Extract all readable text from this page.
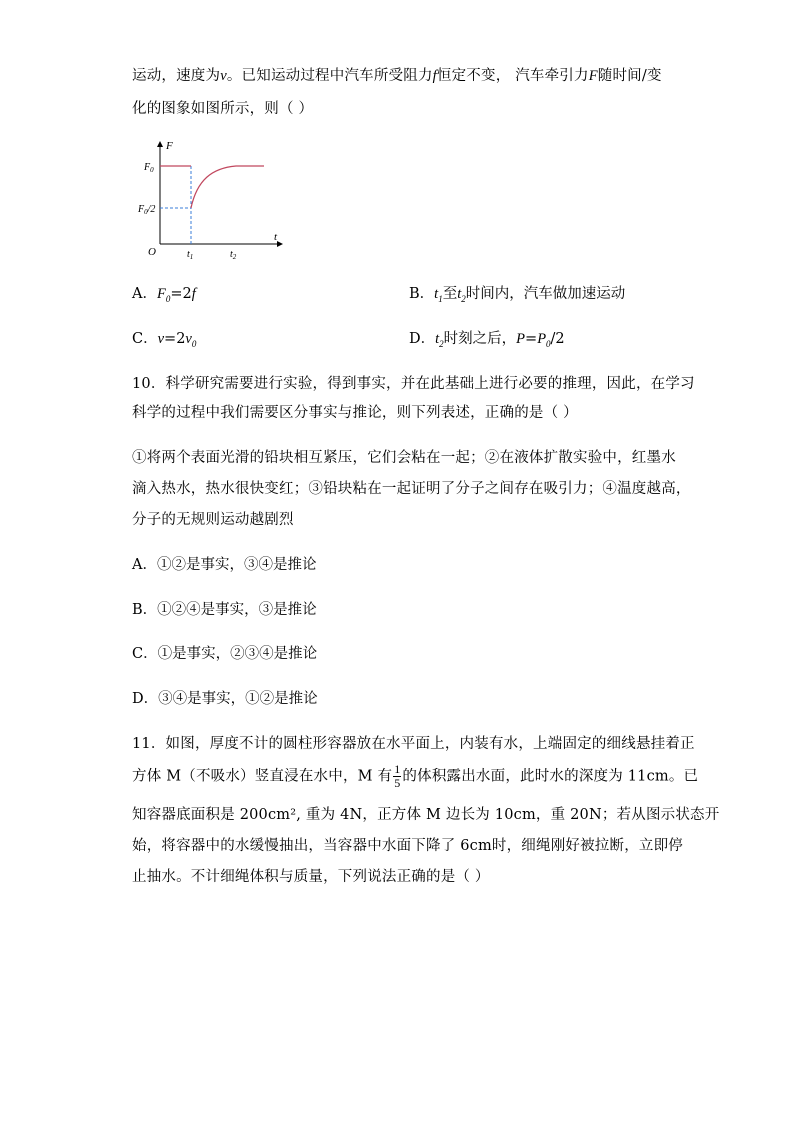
运动，速度为v。已知运动过程中汽车所受阻力f恒定不变， 汽车牵引力F随时间/变
化的图象如图所示，则（ ）
F
t
O
$F_0$
$F_0/2$
$t_1$	$t_2$
A．$F_0=2f$	B．$t_1$至$t_2$时间内，汽车做加速运动
C．$v=2v_0$	D．$t_2$时刻之后，$P=P_0/2$
10．科学研究需要进行实验，得到事实，并在此基础上进行必要的推理，因此，在学习
科学的过程中我们需要区分事实与推论，则下列表述，正确的是（ ）
①将两个表面光滑的铅块相互紧压，它们会粘在一起；②在液体扩散实验中，红墨水
滴入热水，热水很快变红；③铅块粘在一起证明了分子之间存在吸引力；④温度越高，
分子的无规则运动越剧烈
A．①②是事实，③④是推论
B．①②④是事实，③是推论
C．①是事实，②③④是推论
D．③④是事实，①②是推论
11．如图，厚度不计的圆柱形容器放在水平面上，内装有水，上端固定的细线悬挂着正
方体 M（不吸水）竖直浸在水中，M 有 $\frac{1}{5}$ 的体积露出水面，此时水的深度为 11cm。已
知容器底面积是 200cm², 重为 4N，正方体 M 边长为 10cm，重 20N；若从图示状态开
始，将容器中的水缓慢抽出，当容器中水面下降了 6cm时，细绳刚好被拉断，立即停
止抽水。不计细绳体积与质量，下列说法正确的是（ ）
